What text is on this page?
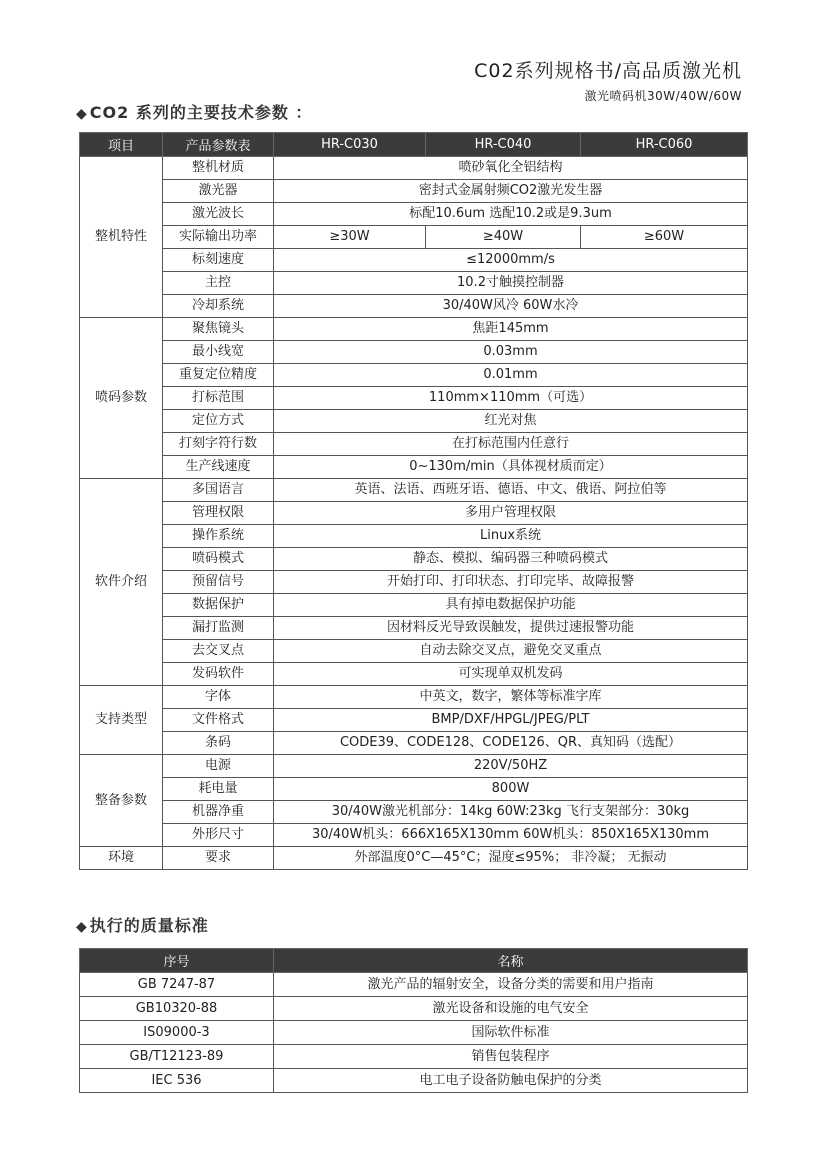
C02系列规格书/高品质激光机
激光喷码机30W/40W/60W
◆ CO2 系列的主要技术参数 ：
项目	产品参数表	HR-C030	HR-C040	HR-C060
整机特性	整机材质	喷砂氧化全铝结构		
	激光器	密封式金属射频CO2激光发生器		
	激光波长	标配10.6um 选配10.2或是9.3um		
	实际输出功率	≥30W	≥40W	≥60W
	标刻速度	≤12000mm/s		
	主控	10.2寸触摸控制器		
	冷却系统	30/40W风冷 60W水冷		
喷码参数	聚焦镜头	焦距145mm		
	最小线宽	0.03mm		
	重复定位精度	0.01mm		
	打标范围	110mm×110mm（可选）		
	定位方式	红光对焦		
	打刻字符行数	在打标范围内任意行		
	生产线速度	0~130m/min（具体视材质而定）		
软件介绍	多国语言	英语、法语、西班牙语、德语、中文、俄语、阿拉伯等		
	管理权限	多用户管理权限		
	操作系统	Linux系统		
	喷码模式	静态、模拟、编码器三种喷码模式		
	预留信号	开始打印、打印状态、打印完毕、故障报警		
	数据保护	具有掉电数据保护功能		
	漏打监测	因材料反光导致误触发，提供过速报警功能		
	去交叉点	自动去除交叉点，避免交叉重点		
	发码软件	可实现单双机发码		
支持类型	字体	中英文，数字，繁体等标准字库		
	文件格式	BMP/DXF/HPGL/JPEG/PLT		
	条码	CODE39、CODE128、CODE126、QR、真知码（选配）		
整备参数	电源	220V/50HZ		
	耗电量	800W		
	机器净重	30/40W激光机部分：14kg 60W:23kg 飞行支架部分：30kg		
	外形尺寸	30/40W机头：666X165X130mm 60W机头：850X165X130mm		
环境	要求	外部温度0°C—45°C；湿度≤95%； 非冷凝； 无振动		
◆ 执行的质量标准
序号	名称
GB 7247-87	激光产品的辐射安全，设备分类的需要和用户指南
GB10320-88	激光设备和设施的电气安全
IS09000-3	国际软件标准
GB/T12123-89	销售包装程序
IEC 536	电工电子设备防触电保护的分类
